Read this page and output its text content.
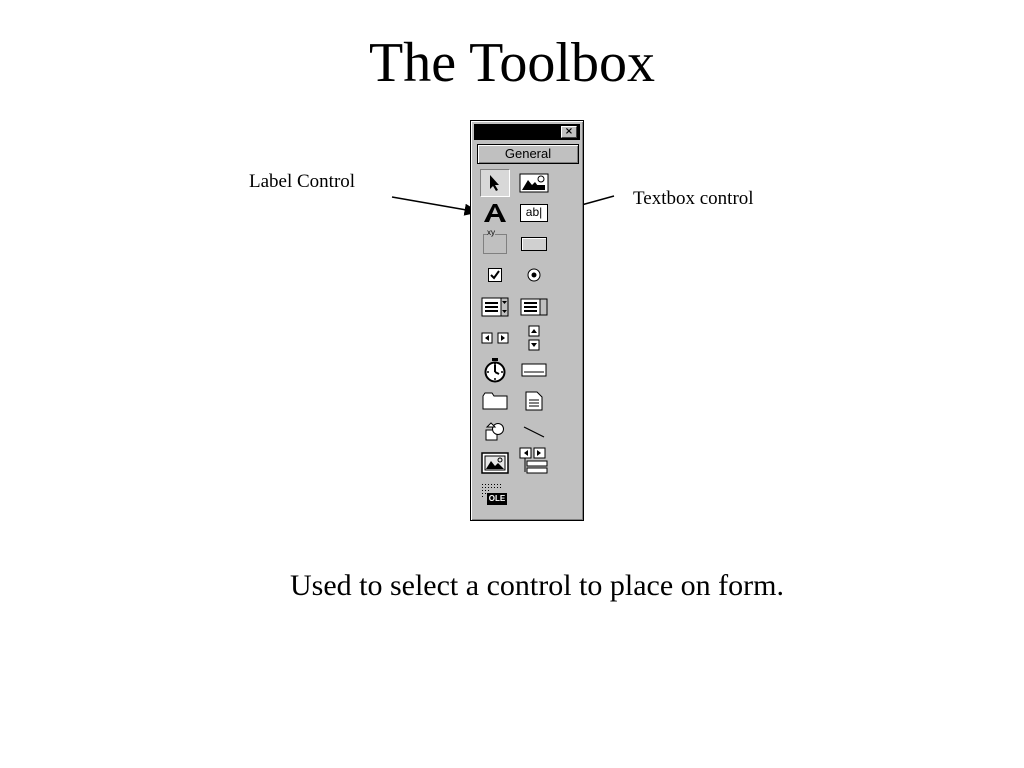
The Toolbox
Label Control
Textbox control
×
General
ab|
xy
OLE
Used to select a control to place on form.
